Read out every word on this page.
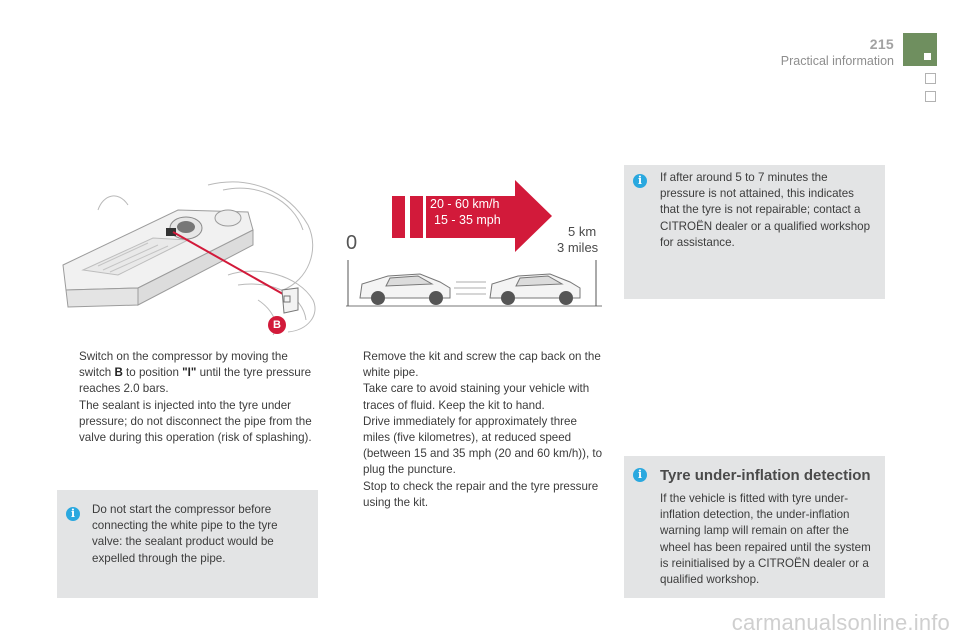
215
Practical information
B
0
20 - 60 km/h
15 - 35 mph
5 km
3 miles
Switch on the compressor by moving the switch B to position "I" until the tyre pressure reaches 2.0 bars.
The sealant is injected into the tyre under pressure; do not disconnect the pipe from the valve during this operation (risk of splashing).
i	Do not start the compressor before connecting the white pipe to the tyre valve: the sealant product would be expelled through the pipe.
Remove the kit and screw the cap back on the white pipe.
Take care to avoid staining your vehicle with traces of fluid. Keep the kit to hand.
Drive immediately for approximately three miles (five kilometres), at reduced speed (between 15 and 35 mph (20 and 60 km/h)), to plug the puncture.
Stop to check the repair and the tyre pressure using the kit.
i	If after around 5 to 7 minutes the pressure is not attained, this indicates that the tyre is not repairable; contact a CITROËN dealer or a qualified workshop for assistance.
i	Tyre under-inflation detection
If the vehicle is fitted with tyre under-inflation detection, the under-inflation warning lamp will remain on after the wheel has been repaired until the system is reinitialised by a CITROËN dealer or a qualified workshop.
carmanualsonline.info
